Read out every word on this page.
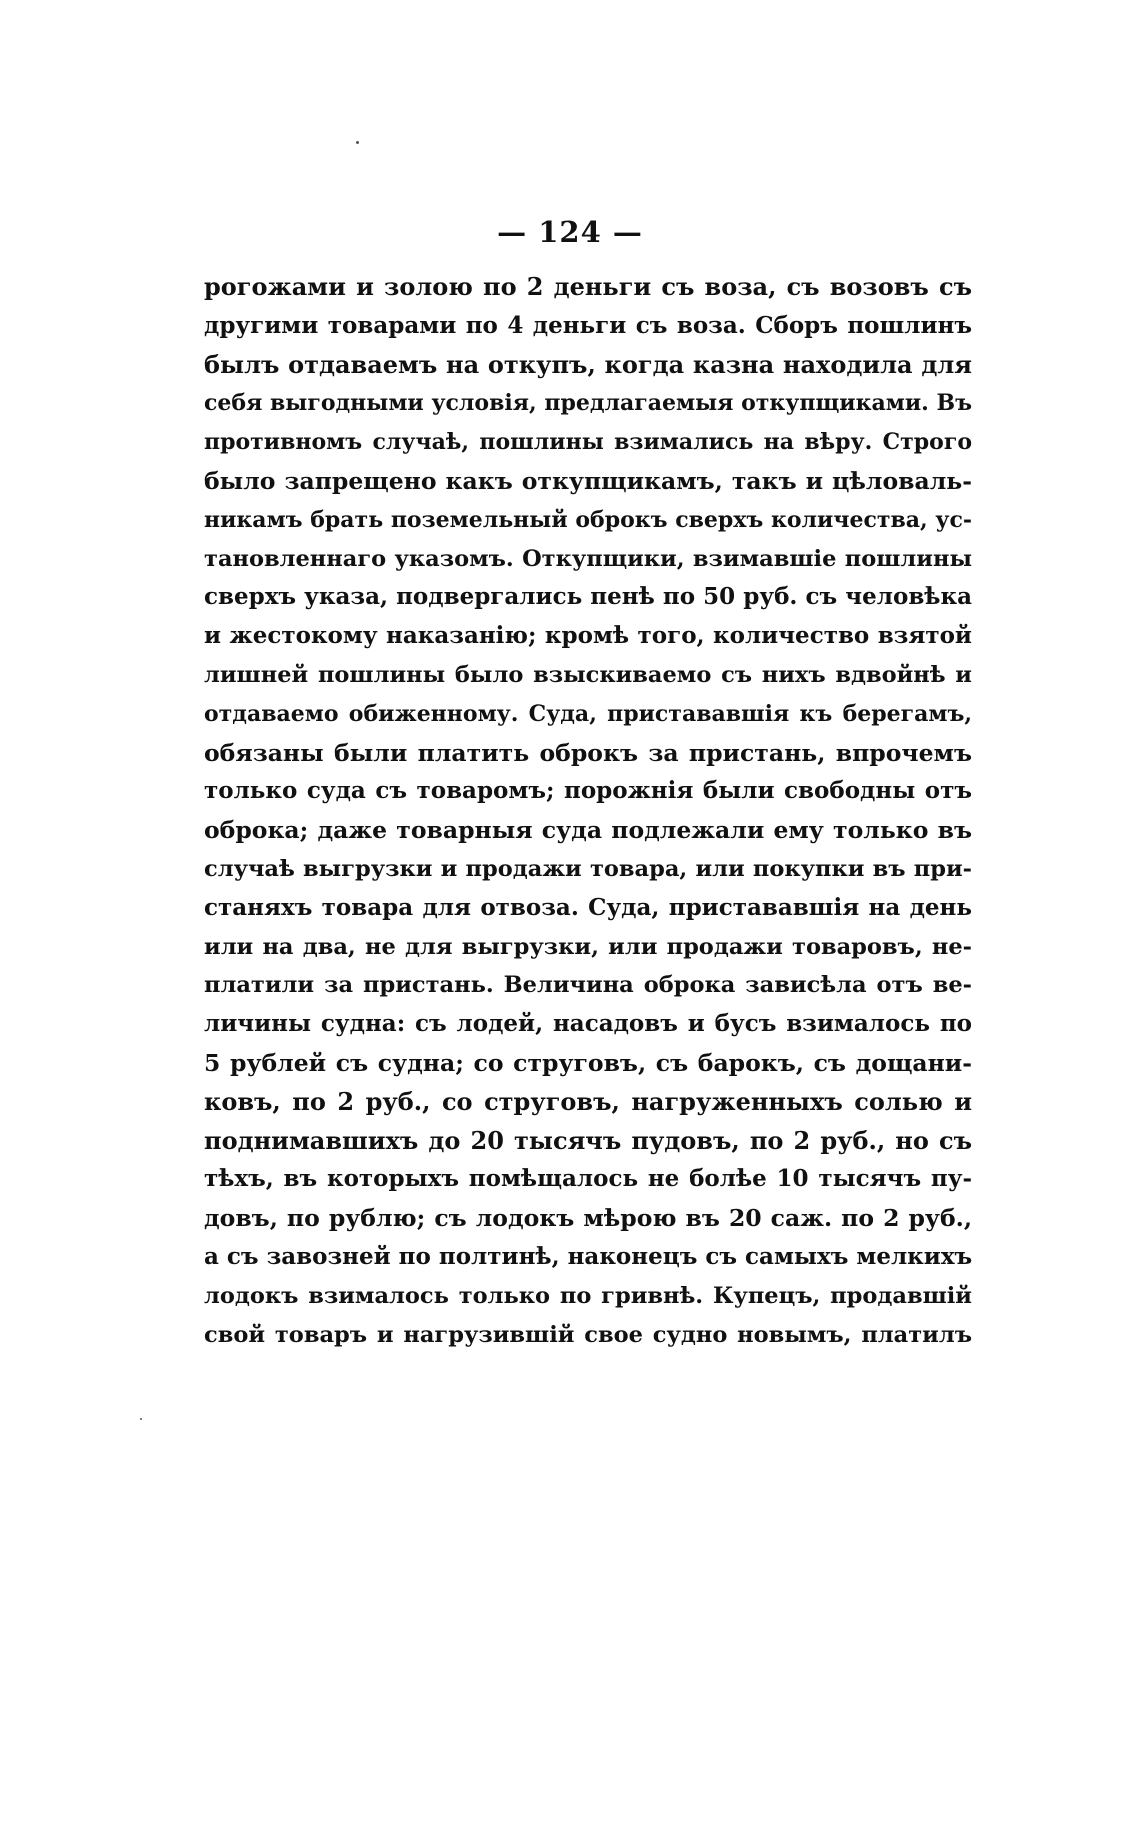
— 124 —
рогожами и золою по 2 деньги съ воза, съ возовъ съ
другими товарами по 4 деньги съ воза. Сборъ пошлинъ
былъ отдаваемъ на откупъ, когда казна находила для
себя выгодными условія, предлагаемыя откупщиками. Въ
противномъ случаѣ, пошлины взимались на вѣру. Строго
было запрещено какъ откупщикамъ, такъ и цѣловаль-
никамъ брать поземельный оброкъ сверхъ количества, ус-
тановленнаго указомъ. Откупщики, взимавшіе пошлины
сверхъ указа, подвергались пенѣ по 50 руб. съ человѣка
и жестокому наказанію; кромѣ того, количество взятой
лишней пошлины было взыскиваемо съ нихъ вдвойнѣ и
отдаваемо обиженному. Суда, пристававшія къ берегамъ,
обязаны были платить оброкъ за пристань, впрочемъ
только суда съ товаромъ; порожнія были свободны отъ
оброка; даже товарныя суда подлежали ему только въ
случаѣ выгрузки и продажи товара, или покупки въ при-
станяхъ товара для отвоза. Суда, пристававшія на день
или на два, не для выгрузки, или продажи товаровъ, не-
платили за пристань. Величина оброка зависѣла отъ ве-
личины судна: съ лодей, насадовъ и бусъ взималось по
5 рублей съ судна; со струговъ, съ барокъ, съ дощани-
ковъ, по 2 руб., со струговъ, нагруженныхъ солью и
поднимавшихъ до 20 тысячъ пудовъ, по 2 руб., но съ
тѣхъ, въ которыхъ помѣщалось не болѣе 10 тысячъ пу-
довъ, по рублю; съ лодокъ мѣрою въ 20 саж. по 2 руб.,
а съ завозней по полтинѣ, наконецъ съ самыхъ мелкихъ
лодокъ взималось только по гривнѣ. Купецъ, продавшій
свой товаръ и нагрузившій свое судно новымъ, платилъ
